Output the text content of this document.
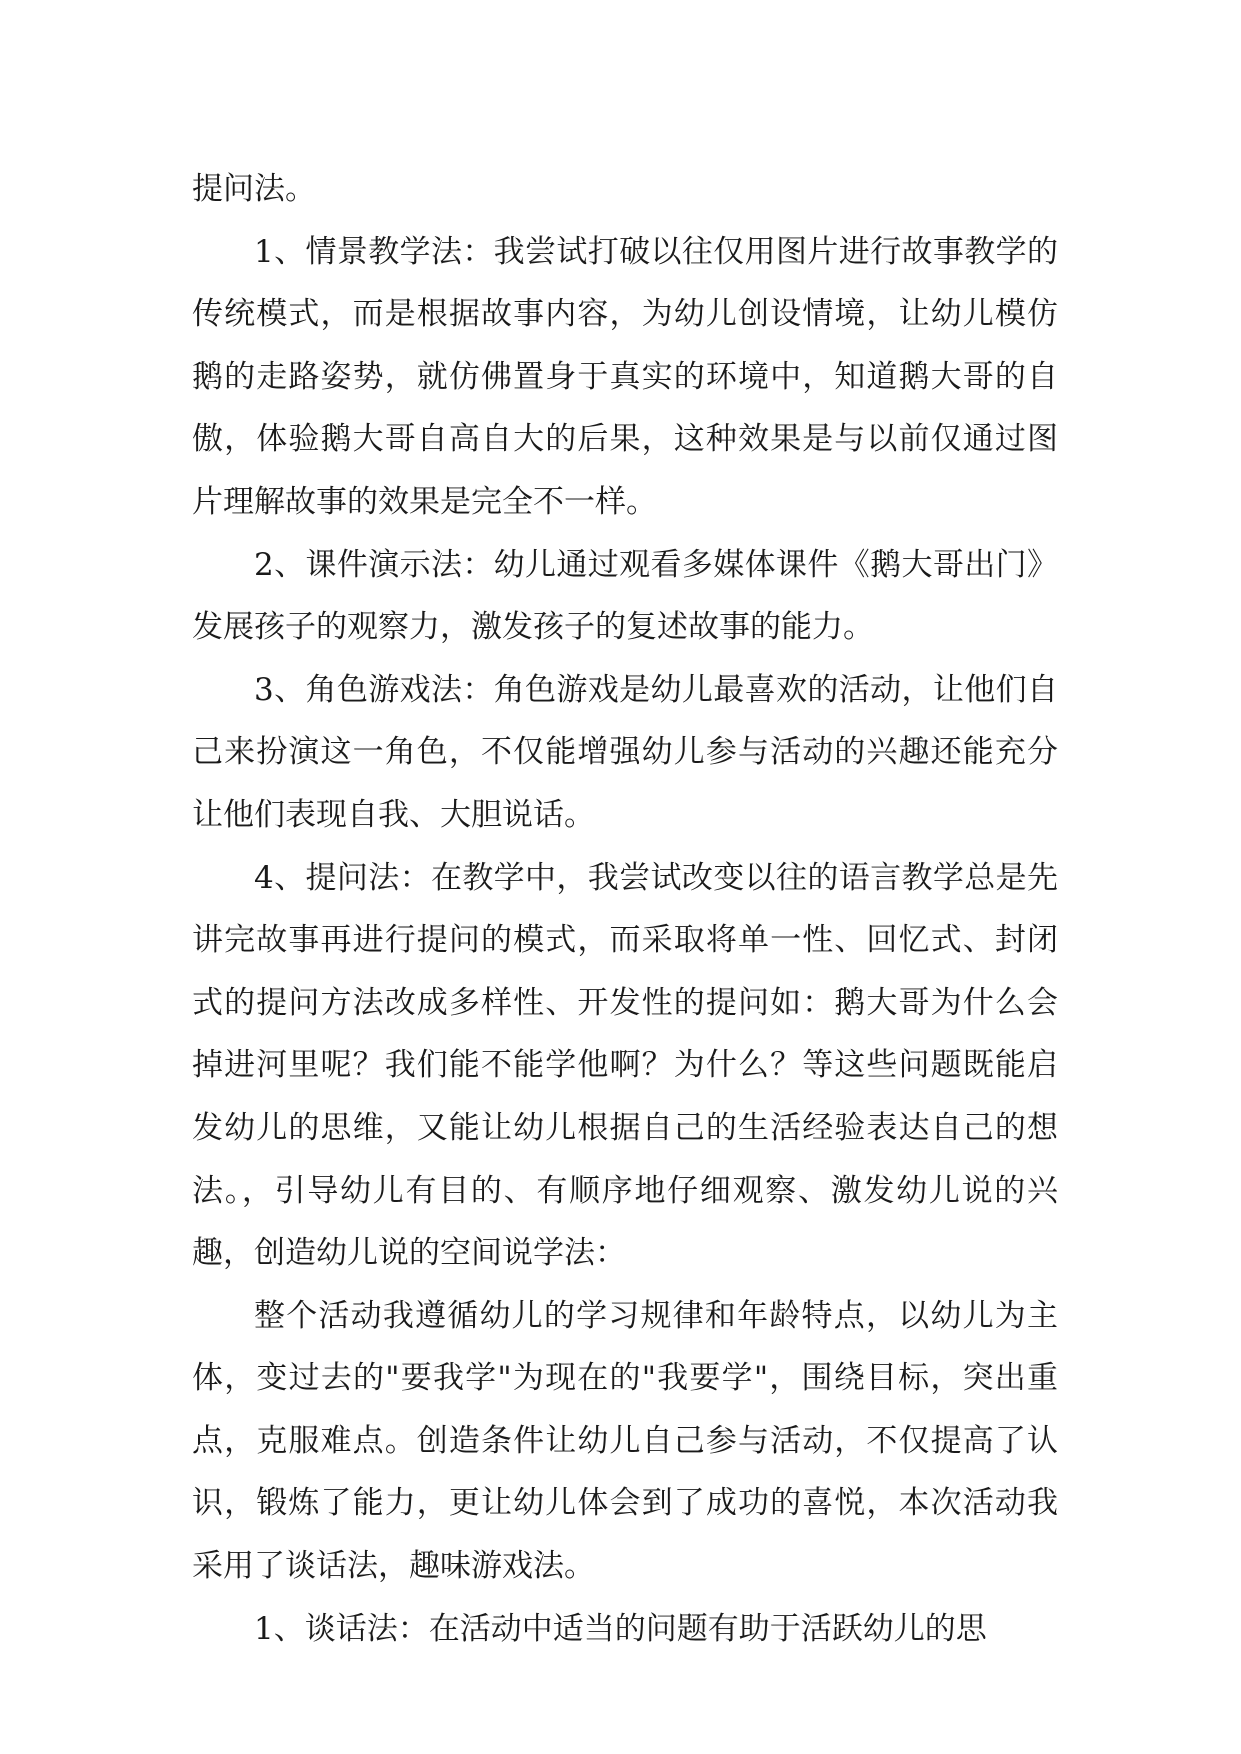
提问法。

1、情景教学法：我尝试打破以往仅用图片进行故事教学的传统模式，而是根据故事内容，为幼儿创设情境，让幼儿模仿鹅的走路姿势，就仿佛置身于真实的环境中，知道鹅大哥的自傲，体验鹅大哥自高自大的后果，这种效果是与以前仅通过图片理解故事的效果是完全不一样。

2、课件演示法：幼儿通过观看多媒体课件《鹅大哥出门》发展孩子的观察力，激发孩子的复述故事的能力。

3、角色游戏法：角色游戏是幼儿最喜欢的活动，让他们自己来扮演这一角色，不仅能增强幼儿参与活动的兴趣还能充分让他们表现自我、大胆说话。

4、提问法：在教学中，我尝试改变以往的语言教学总是先讲完故事再进行提问的模式，而采取将单一性、回忆式、封闭式的提问方法改成多样性、开发性的提问如：鹅大哥为什么会掉进河里呢？我们能不能学他啊？为什么？等这些问题既能启发幼儿的思维，又能让幼儿根据自己的生活经验表达自己的想法。，引导幼儿有目的、有顺序地仔细观察、激发幼儿说的兴趣，创造幼儿说的空间说学法：

整个活动我遵循幼儿的学习规律和年龄特点，以幼儿为主体，变过去的"要我学"为现在的"我要学"，围绕目标，突出重点，克服难点。创造条件让幼儿自己参与活动，不仅提高了认识，锻炼了能力，更让幼儿体会到了成功的喜悦，本次活动我采用了谈话法，趣味游戏法。

1、谈话法：在活动中适当的问题有助于活跃幼儿的思
